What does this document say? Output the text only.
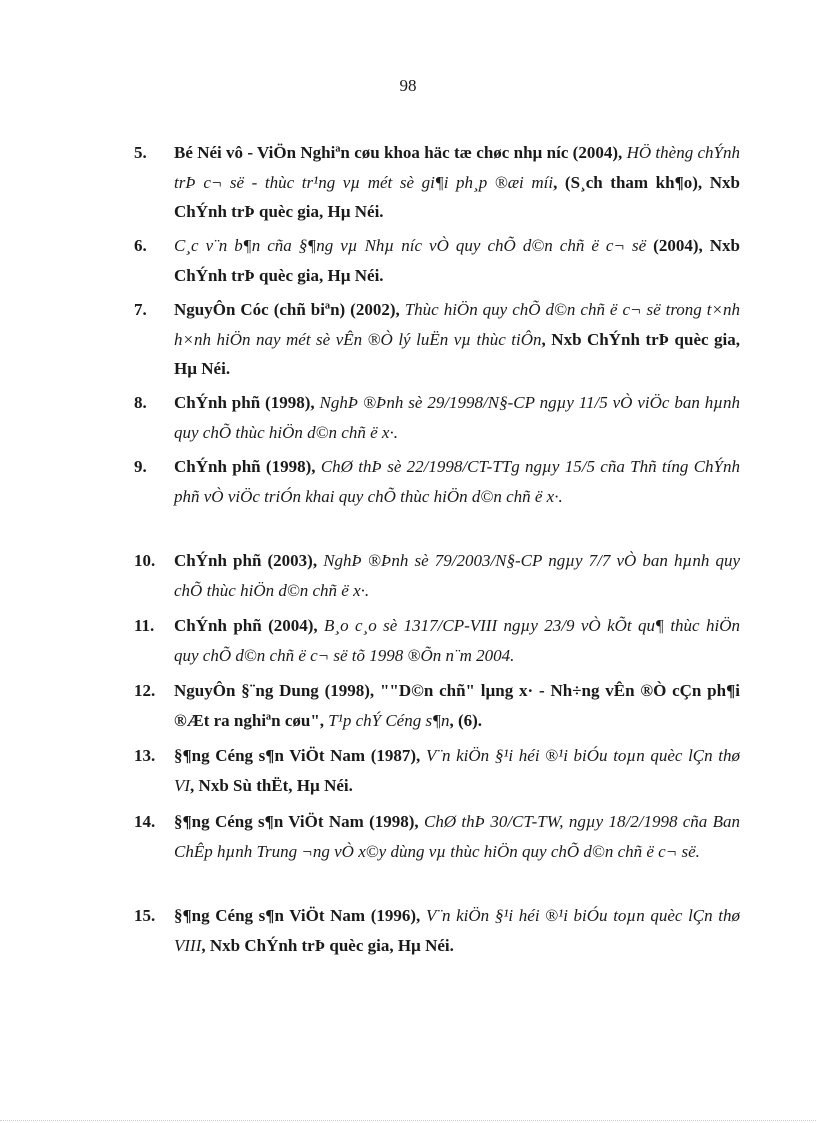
98
5. Bé Néi vô - ViÖn Nghiªn cøu khoa häc tæ chøc nhµ níc (2004), HÖ thèng chÝnh trÞ c¬ së - thùc tr¹ng vµ mét sè gi¶i ph¸p ®æi míi, (S¸ch tham kh¶o), Nxb ChÝnh trÞ quèc gia, Hµ Néi.
6. C¸c v¨n b¶n cña §¶ng vµ Nhµ níc vÒ quy chÕ d©n chñ ë c¬ së (2004), Nxb ChÝnh trÞ quèc gia, Hµ Néi.
7. NguyÔn Cóc (chñ biªn) (2002), Thùc hiÖn quy chÕ d©n chñ ë c¬ së trong t×nh h×nh hiÖn nay mét sè vÊn ®Ò lý luËn vµ thùc tiÔn, Nxb ChÝnh trÞ quèc gia, Hµ Néi.
8. ChÝnh phñ (1998), NghÞ ®Þnh sè 29/1998/N§-CP ngµy 11/5 vÒ viÖc ban hµnh quy chÕ thùc hiÖn d©n chñ ë x·.
9. ChÝnh phñ (1998), ChØ thÞ sè 22/1998/CT-TTg ngµy 15/5 cña Thñ tíng ChÝnh phñ vÒ viÖc triÓn khai quy chÕ thùc hiÖn d©n chñ ë x·.
10. ChÝnh phñ (2003), NghÞ ®Þnh sè 79/2003/N§-CP ngµy 7/7 vÒ ban hµnh quy chÕ thùc hiÖn d©n chñ ë x·.
11. ChÝnh phñ (2004), B¸o c¸o sè 1317/CP-VIII ngµy 23/9 vÒ kÕt qu¶ thùc hiÖn quy chÕ d©n chñ ë c¬ së tõ 1998 ®Õn n¨m 2004.
12. NguyÔn §¨ng Dung (1998), ""D©n chñ" lµng x· - Nh÷ng vÊn ®Ò cÇn ph¶i ®Æt ra nghiªn cøu", T¹p chÝ Céng s¶n, (6).
13. §¶ng Céng s¶n ViÖt Nam (1987), V¨n kiÖn §¹i héi ®¹i biÓu toµn quèc lÇn thø VI, Nxb Sù thËt, Hµ Néi.
14. §¶ng Céng s¶n ViÖt Nam (1998), ChØ thÞ 30/CT-TW, ngµy 18/2/1998 cña Ban ChÊp hµnh Trung ¬ng vÒ x©y dùng vµ thùc hiÖn quy chÕ d©n chñ ë c¬ së.
15. §¶ng Céng s¶n ViÖt Nam (1996), V¨n kiÖn §¹i héi ®¹i biÓu toµn quèc lÇn thø VIII, Nxb ChÝnh trÞ quèc gia, Hµ Néi.
